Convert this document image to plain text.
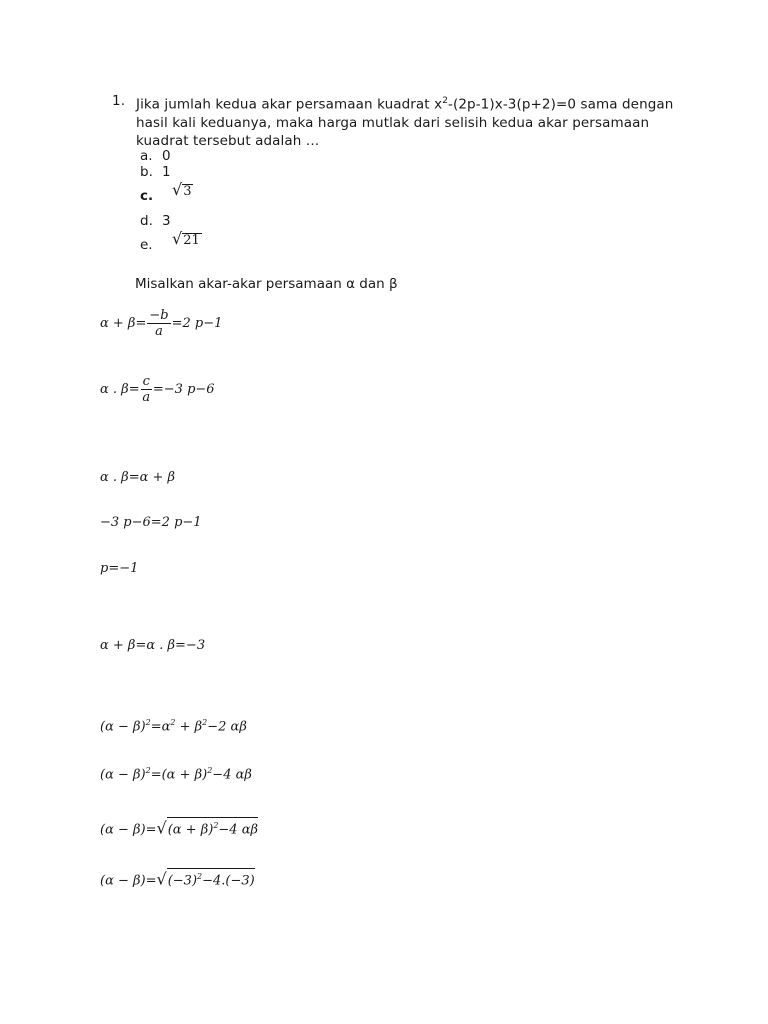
1. Jika jumlah kedua akar persamaan kuadrat $x^2-(2p-1)x-3(p+2)=0$ sama dengan hasil kali keduanya, maka harga mutlak dari selisih kedua akar persamaan kuadrat tersebut adalah …
a. 0
b. 1
c.	√3
d. 3
e.	√21
Misalkan akar-akar persamaan α dan β
$\alpha + \beta= \frac{-b}{a} =2$ p−1
α . $\beta= \frac{c}{a} =-3$ p−6
α . β=α + β
−3 p−6=2 p−1
p=−1
α + β=α . β=−3
$(\alpha - \beta)^2=\alpha^2 + \beta^2-2$ αβ
$(\alpha - \beta)^2=(\alpha + \beta)^2-4$ αβ
$(\alpha - \beta)=√(\alpha + \beta)^2-4$ αβ
$(\alpha - \beta)=√(-3)^2-4.(-3)$
